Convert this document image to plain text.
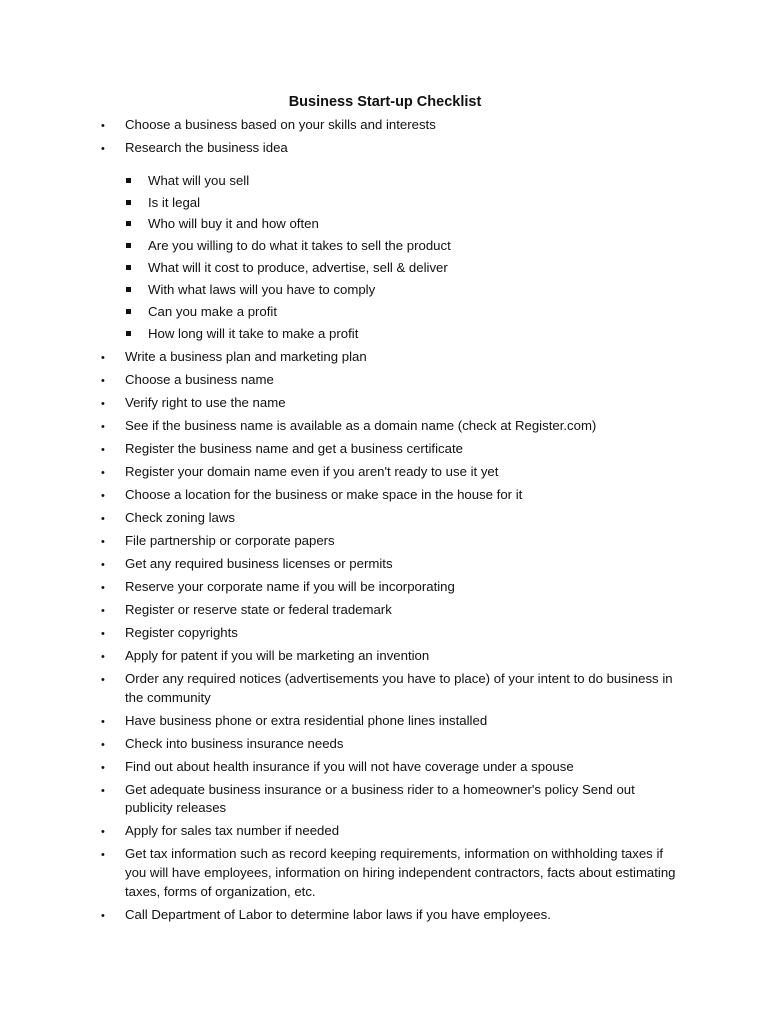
Business Start-up Checklist
• Choose a business based on your skills and interests
• Research the business idea
What will you sell
Is it legal
Who will buy it and how often
Are you willing to do what it takes to sell the product
What will it cost to produce, advertise, sell & deliver
With what laws will you have to comply
Can you make a profit
How long will it take to make a profit
• Write a business plan and marketing plan
• Choose a business name
• Verify right to use the name
• See if the business name is available as a domain name (check at Register.com)
• Register the business name and get a business certificate
• Register your domain name even if you aren't ready to use it yet
• Choose a location for the business or make space in the house for it
• Check zoning laws
• File partnership or corporate papers
• Get any required business licenses or permits
• Reserve your corporate name if you will be incorporating
• Register or reserve state or federal trademark
• Register copyrights
• Apply for patent if you will be marketing an invention
• Order any required notices (advertisements you have to place) of your intent to do business in the community
• Have business phone or extra residential phone lines installed
• Check into business insurance needs
• Find out about health insurance if you will not have coverage under a spouse
• Get adequate business insurance or a business rider to a homeowner's policy Send out publicity releases
• Apply for sales tax number if needed
• Get tax information such as record keeping requirements, information on withholding taxes if you will have employees, information on hiring independent contractors, facts about estimating taxes, forms of organization, etc.
• Call Department of Labor to determine labor laws if you have employees.
